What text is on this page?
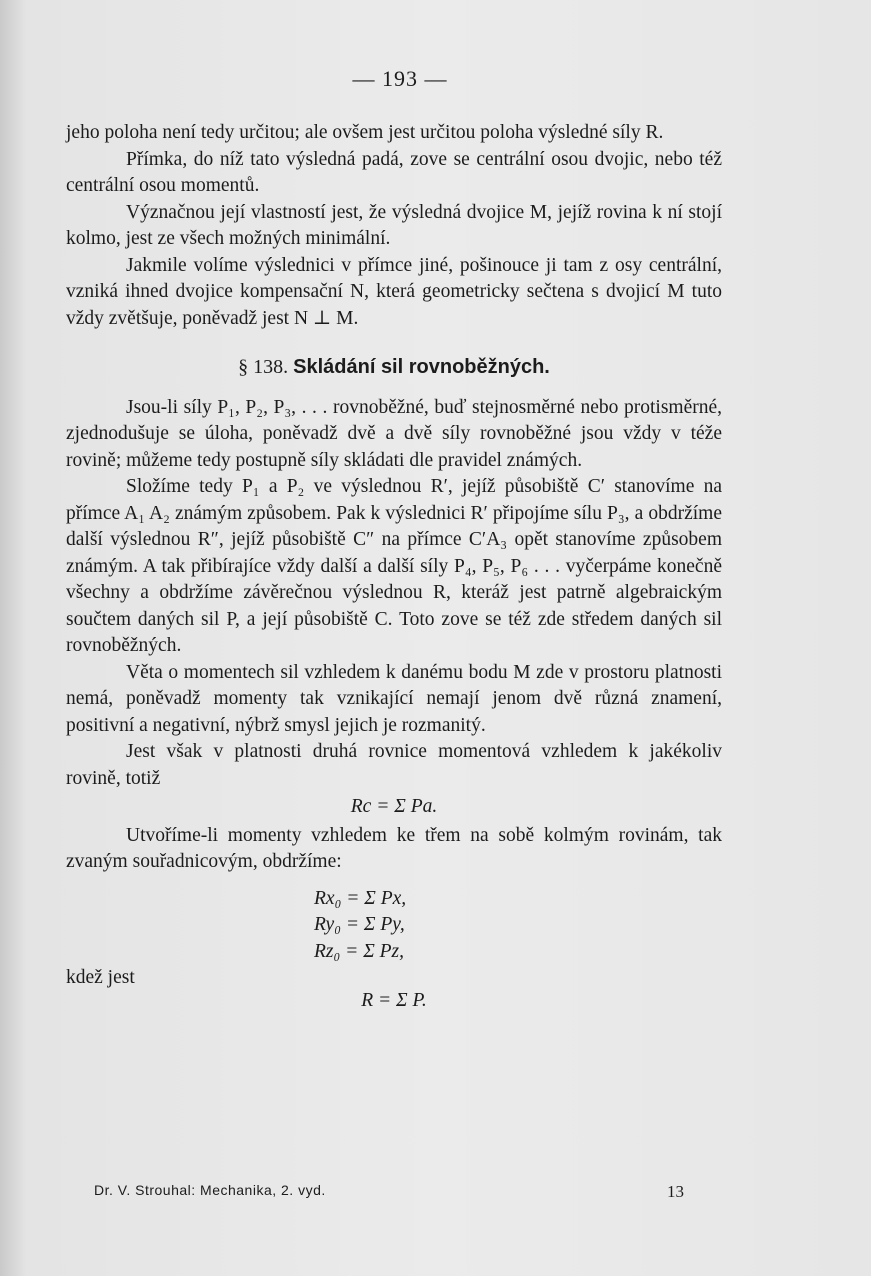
— 193 —

jeho poloha není tedy určitou; ale ovšem jest určitou poloha výsledné síly R.

Přímka, do níž tato výsledná padá, zove se centrální osou dvojic, nebo též centrální osou momentů.

Význačnou její vlastností jest, že výsledná dvojice M, jejíž rovina k ní stojí kolmo, jest ze všech možných minimální.

Jakmile volíme výslednici v přímce jiné, pošinouce ji tam z osy centrální, vzniká ihned dvojice kompensační N, která geometricky sečtena s dvojicí M tuto vždy zvětšuje, poněvadž jest N ⊥ M.

§ 138. Skládání sil rovnoběžných.

Jsou-li síly P₁, P₂, P₃, . . . rovnoběžné, buď stejnosměrné nebo protisměrné, zjednodušuje se úloha, poněvadž dvě a dvě síly rovnoběžné jsou vždy v téže rovině; můžeme tedy postupně síly skládati dle pravidel známých.

Složíme tedy P₁ a P₂ ve výslednou R′, jejíž působiště C′ stanovíme na přímce A₁ A₂ známým způsobem. Pak k výslednici R′ připojíme sílu P₃, a obdržíme další výslednou R″, jejíž působiště C″ na přímce C′A₃ opět stanovíme způsobem známým. A tak přibírajíce vždy další a další síly P₄, P₅, P₆ . . . vyčerpáme konečně všechny a obdržíme závěrečnou výslednou R, kteráž jest patrně algebraickým součtem daných sil P, a její působiště C. Toto zove se též zde středem daných sil rovnoběžných.

Věta o momentech sil vzhledem k danému bodu M zde v prostoru platnosti nemá, poněvadž momenty tak vznikající nemají jenom dvě různá znamení, positivní a negativní, nýbrž smysl jejich je rozmanitý.

Jest však v platnosti druhá rovnice momentová vzhledem k jakékoliv rovině, totiž

Rc = Σ Pa.

Utvoříme-li momenty vzhledem ke třem na sobě kolmým rovinám, tak zvaným souřadnicovým, obdržíme:

Rx₀ = Σ Px,
Ry₀ = Σ Py,
Rz₀ = Σ Pz,

kdež jest

R = Σ P.
Dr. V. Strouhal: Mechanika, 2. vyd.	13
